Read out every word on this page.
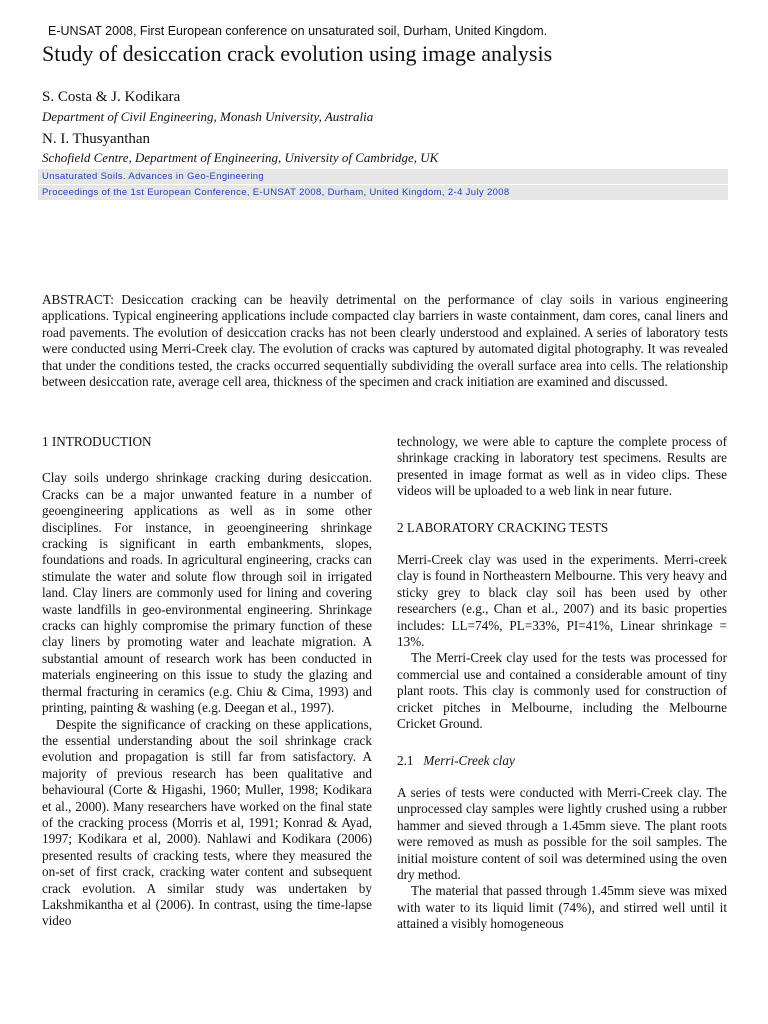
E-UNSAT 2008, First European conference on unsaturated soil, Durham, United Kingdom.
Study of desiccation crack evolution using image analysis
S. Costa & J. Kodikara
Department of Civil Engineering, Monash University, Australia
N. I. Thusyanthan
Schofield Centre, Department of Engineering, University of Cambridge, UK
Unsaturated Soils. Advances in Geo-Engineering
Proceedings of the 1st European Conference, E-UNSAT 2008, Durham, United Kingdom, 2-4 July 2008

ABSTRACT: Desiccation cracking can be heavily detrimental on the performance of clay soils in various engineering applications. Typical engineering applications include compacted clay barriers in waste containment, dam cores, canal liners and road pavements. The evolution of desiccation cracks has not been clearly understood and explained. A series of laboratory tests were conducted using Merri-Creek clay. The evolution of cracks was captured by automated digital photography. It was revealed that under the conditions tested, the cracks occurred sequentially subdividing the overall surface area into cells. The relationship between desiccation rate, average cell area, thickness of the specimen and crack initiation are examined and discussed.

1 INTRODUCTION

Clay soils undergo shrinkage cracking during desiccation. Cracks can be a major unwanted feature in a number of geoengineering applications as well as in some other disciplines. For instance, in geoengineering shrinkage cracking is significant in earth embankments, slopes, foundations and roads. In agricultural engineering, cracks can stimulate the water and solute flow through soil in irrigated land. Clay liners are commonly used for lining and covering waste landfills in geo-environmental engineering. Shrinkage cracks can highly compromise the primary function of these clay liners by promoting water and leachate migration. A substantial amount of research work has been conducted in materials engineering on this issue to study the glazing and thermal fracturing in ceramics (e.g. Chiu & Cima, 1993) and printing, painting & washing (e.g. Deegan et al., 1997).

Despite the significance of cracking on these applications, the essential understanding about the soil shrinkage crack evolution and propagation is still far from satisfactory. A majority of previous research has been qualitative and behavioural (Corte & Higashi, 1960; Muller, 1998; Kodikara et al., 2000). Many researchers have worked on the final state of the cracking process (Morris et al, 1991; Konrad & Ayad, 1997; Kodikara et al, 2000). Nahlawi and Kodikara (2006) presented results of cracking tests, where they measured the on-set of first crack, cracking water content and subsequent crack evolution. A similar study was undertaken by Lakshmikantha et al (2006). In contrast, using the time-lapse video

technology, we were able to capture the complete process of shrinkage cracking in laboratory test specimens. Results are presented in image format as well as in video clips. These videos will be uploaded to a web link in near future.

2 LABORATORY CRACKING TESTS

Merri-Creek clay was used in the experiments. Merri-creek clay is found in Northeastern Melbourne. This very heavy and sticky grey to black clay soil has been used by other researchers (e.g., Chan et al., 2007) and its basic properties includes: LL=74%, PL=33%, PI=41%, Linear shrinkage = 13%.

The Merri-Creek clay used for the tests was processed for commercial use and contained a considerable amount of tiny plant roots. This clay is commonly used for construction of cricket pitches in Melbourne, including the Melbourne Cricket Ground.

2.1 Merri-Creek clay

A series of tests were conducted with Merri-Creek clay. The unprocessed clay samples were lightly crushed using a rubber hammer and sieved through a 1.45mm sieve. The plant roots were removed as mush as possible for the soil samples. The initial moisture content of soil was determined using the oven dry method.

The material that passed through 1.45mm sieve was mixed with water to its liquid limit (74%), and stirred well until it attained a visibly homogeneous
